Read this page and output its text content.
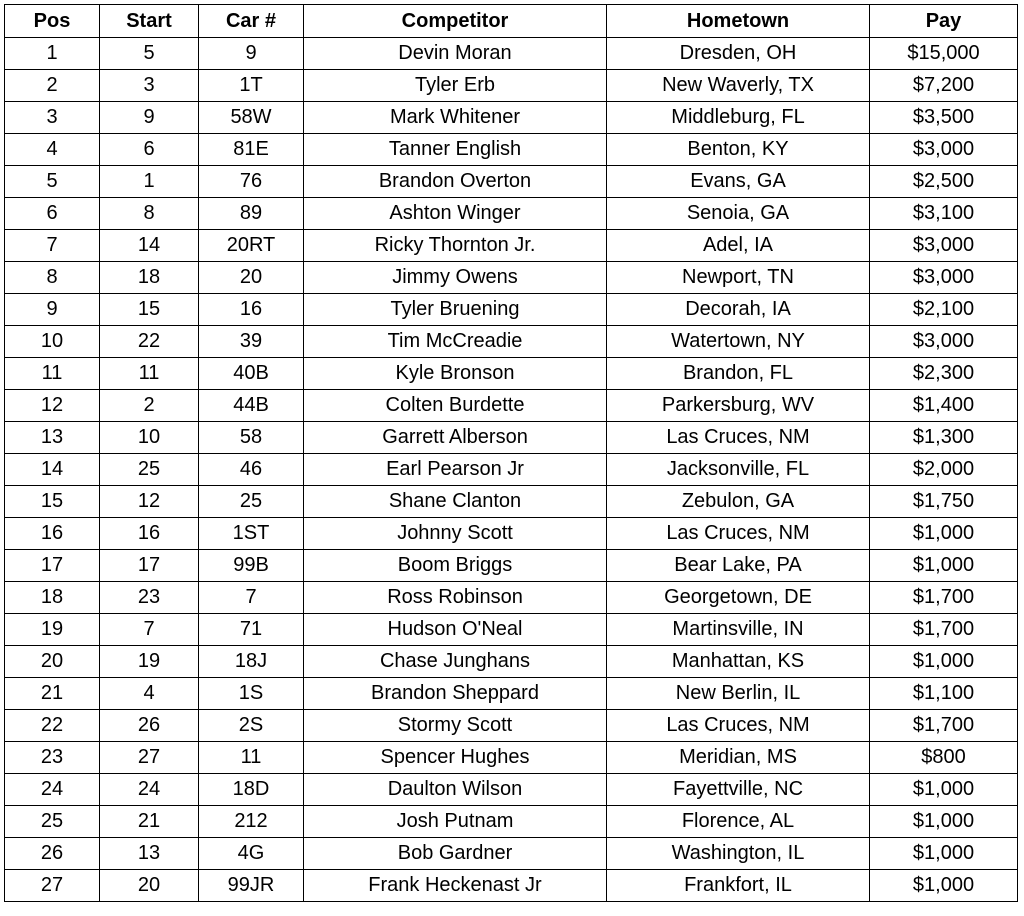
Pos	Start	Car #	Competitor	Hometown	Pay
1	5	9	Devin Moran	Dresden, OH	$15,000
2	3	1T	Tyler Erb	New Waverly, TX	$7,200
3	9	58W	Mark Whitener	Middleburg, FL	$3,500
4	6	81E	Tanner English	Benton, KY	$3,000
5	1	76	Brandon Overton	Evans, GA	$2,500
6	8	89	Ashton Winger	Senoia, GA	$3,100
7	14	20RT	Ricky Thornton Jr.	Adel, IA	$3,000
8	18	20	Jimmy Owens	Newport, TN	$3,000
9	15	16	Tyler Bruening	Decorah, IA	$2,100
10	22	39	Tim McCreadie	Watertown, NY	$3,000
11	11	40B	Kyle Bronson	Brandon, FL	$2,300
12	2	44B	Colten Burdette	Parkersburg, WV	$1,400
13	10	58	Garrett Alberson	Las Cruces, NM	$1,300
14	25	46	Earl Pearson Jr	Jacksonville, FL	$2,000
15	12	25	Shane Clanton	Zebulon, GA	$1,750
16	16	1ST	Johnny Scott	Las Cruces, NM	$1,000
17	17	99B	Boom Briggs	Bear Lake, PA	$1,000
18	23	7	Ross Robinson	Georgetown, DE	$1,700
19	7	71	Hudson O'Neal	Martinsville, IN	$1,700
20	19	18J	Chase Junghans	Manhattan, KS	$1,000
21	4	1S	Brandon Sheppard	New Berlin, IL	$1,100
22	26	2S	Stormy Scott	Las Cruces, NM	$1,700
23	27	11	Spencer Hughes	Meridian, MS	$800
24	24	18D	Daulton Wilson	Fayettville, NC	$1,000
25	21	212	Josh Putnam	Florence, AL	$1,000
26	13	4G	Bob Gardner	Washington, IL	$1,000
27	20	99JR	Frank Heckenast Jr	Frankfort, IL	$1,000
